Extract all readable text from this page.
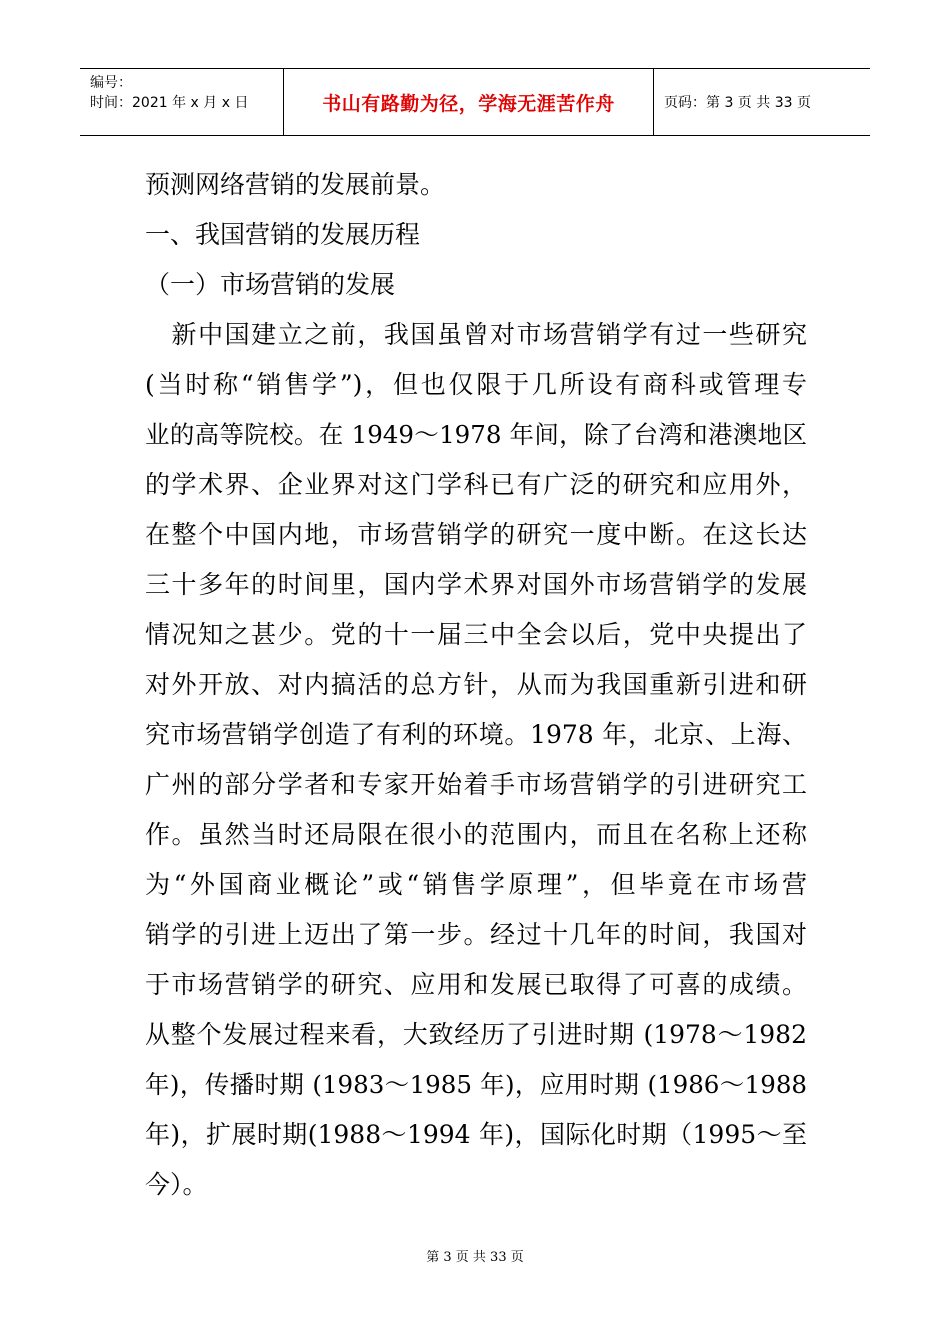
编号：
时间：2021 年 x 月 x 日	书山有路勤为径，学海无涯苦作舟	页码：第 3 页 共 33 页
预测网络营销的发展前景。
一、我国营销的发展历程
（一）市场营销的发展
　新中国建立之前，我国虽曾对市场营销学有过一些研究
(当时称“销售学”)，但也仅限于几所设有商科或管理专
业的高等院校。在 1949～1978 年间，除了台湾和港澳地区
的学术界、企业界对这门学科已有广泛的研究和应用外，
在整个中国内地，市场营销学的研究一度中断。在这长达
三十多年的时间里，国内学术界对国外市场营销学的发展
情况知之甚少。党的十一届三中全会以后，党中央提出了
对外开放、对内搞活的总方针，从而为我国重新引进和研
究市场营销学创造了有利的环境。1978 年，北京、上海、
广州的部分学者和专家开始着手市场营销学的引进研究工
作。虽然当时还局限在很小的范围内，而且在名称上还称
为“外国商业概论”或“销售学原理”，但毕竟在市场营
销学的引进上迈出了第一步。经过十几年的时间，我国对
于市场营销学的研究、应用和发展已取得了可喜的成绩。
从整个发展过程来看，大致经历了引进时期 (1978～1982
年)，传播时期 (1983～1985 年)，应用时期 (1986～1988
年)，扩展时期(1988～1994 年)，国际化时期（1995～至
今）。
第 3 页 共 33 页
